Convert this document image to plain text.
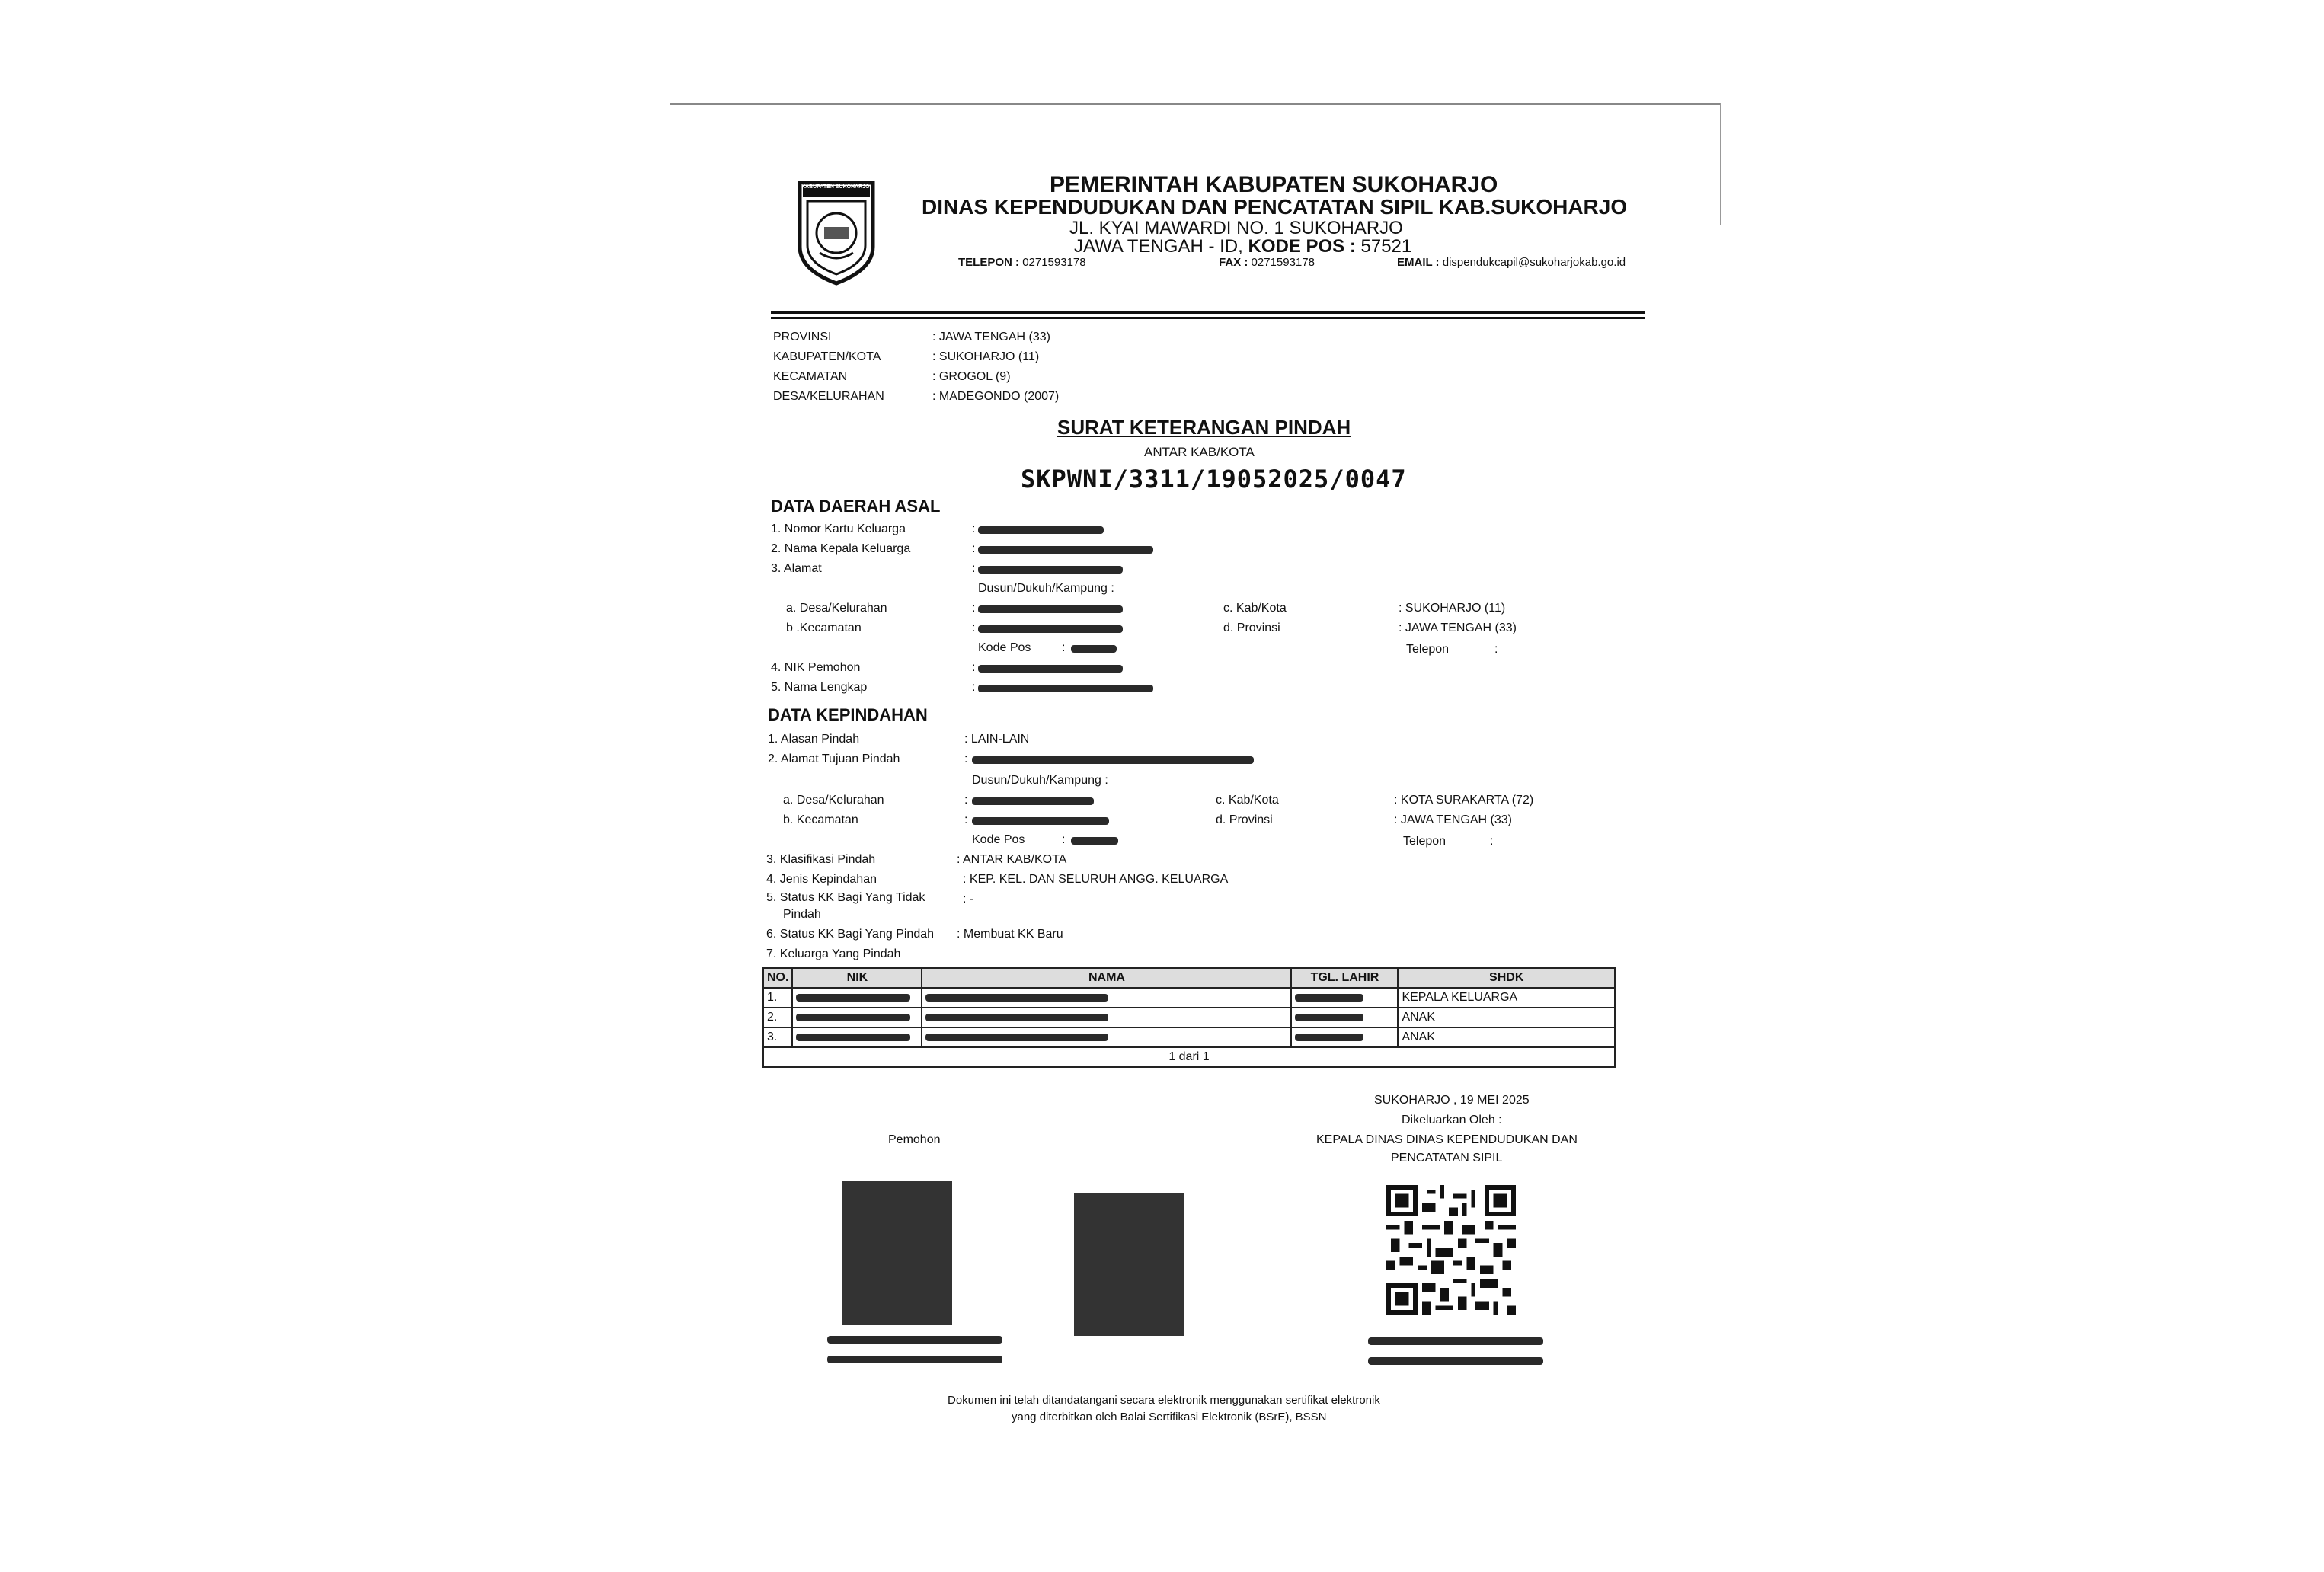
KABUPATEN SUKOHARJO	PEMERINTAH KABUPATEN SUKOHARJO
DINAS KEPENDUDUKAN DAN PENCATATAN SIPIL KAB.SUKOHARJO
JL. KYAI MAWARDI NO. 1 SUKOHARJO
JAWA TENGAH - ID, KODE POS : 57521
TELEPON : 0271593178	FAX : 0271593178	EMAIL : dispendukcapil@sukoharjokab.go.id
PROVINSI	: JAWA TENGAH (33)
KABUPATEN/KOTA	: SUKOHARJO (11)
KECAMATAN	: GROGOL (9)
DESA/KELURAHAN	: MADEGONDO (2007)
SURAT KETERANGAN PINDAH
ANTAR KAB/KOTA
SKPWNI/3311/19052025/0047
DATA DAERAH ASAL
1. Nomor Kartu Keluarga	:
2. Nama Kepala Keluarga	:
3. Alamat	:
Dusun/Dukuh/Kampung :
a. Desa/Kelurahan	:
b .Kecamatan	:
Kode Pos	:
c. Kab/Kota	: SUKOHARJO (11)
d. Provinsi	: JAWA TENGAH (33)
Telepon	:
4. NIK Pemohon	:
5. Nama Lengkap	:
DATA KEPINDAHAN
1. Alasan Pindah	: LAIN-LAIN
2. Alamat Tujuan Pindah	:
Dusun/Dukuh/Kampung :
a. Desa/Kelurahan	:
b. Kecamatan	:
Kode Pos	:
c. Kab/Kota	: KOTA SURAKARTA (72)
d. Provinsi	: JAWA TENGAH (33)
Telepon	:
3. Klasifikasi Pindah	: ANTAR KAB/KOTA
4. Jenis Kepindahan	: KEP. KEL. DAN SELURUH ANGG. KELUARGA
5. Status KK Bagi Yang Tidak
Pindah
: -
6. Status KK Bagi Yang Pindah : Membuat KK Baru
7. Keluarga Yang Pindah
NO.	NIK	NAMA	TGL. LAHIR	SHDK
1.				KEPALA KELUARGA
2.				ANAK
3.				ANAK
1 dari 1				
SUKOHARJO , 19 MEI 2025
Dikeluarkan Oleh :
KEPALA DINAS DINAS KEPENDUDUKAN DAN
PENCATATAN SIPIL
Pemohon
Dokumen ini telah ditandatangani secara elektronik menggunakan sertifikat elektronik
yang diterbitkan oleh Balai Sertifikasi Elektronik (BSrE), BSSN
